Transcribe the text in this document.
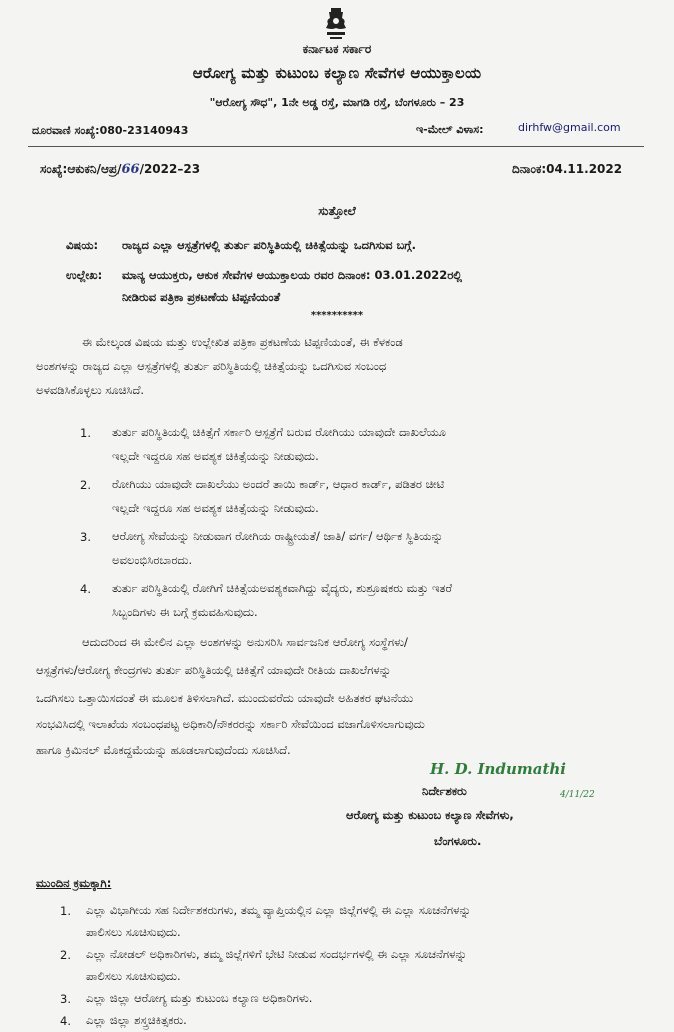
ಕರ್ನಾಟಕ ಸರ್ಕಾರ
ಆರೋಗ್ಯ ಮತ್ತು ಕುಟುಂಬ ಕಲ್ಯಾಣ ಸೇವೆಗಳ ಆಯುಕ್ತಾಲಯ
"ಆರೋಗ್ಯ ಸೌಧ", 1ನೇ ಅಡ್ಡ ರಸ್ತೆ, ಮಾಗಡಿ ರಸ್ತೆ, ಬೆಂಗಳೂರು – 23
ದೂರವಾಣಿ ಸಂಖ್ಯೆ:080-23140943	ಇ-ಮೇಲ್ ವಿಳಾಸ:	dirhfw@gmail.com
ಸಂಖ್ಯೆ:ಆಕುಕನಿ/ಆಪ್ರ/66/2022–23	ದಿನಾಂಕ:04.11.2022
ಸುತ್ತೋಲೆ
ವಿಷಯ: ರಾಜ್ಯದ ಎಲ್ಲಾ ಆಸ್ಪತ್ರೆಗಳಲ್ಲಿ ತುರ್ತು ಪರಿಸ್ಥಿತಿಯಲ್ಲಿ ಚಿಕಿತ್ಸೆಯನ್ನು ಒದಗಿಸುವ ಬಗ್ಗೆ.
ಉಲ್ಲೇಖ: ಮಾನ್ಯ ಆಯುಕ್ತರು, ಆಕುಕ ಸೇವೆಗಳ ಆಯುಕ್ತಾಲಯ ರವರ ದಿನಾಂಕ: 03.01.2022ರಲ್ಲಿ
ನೀಡಿರುವ ಪತ್ರಿಕಾ ಪ್ರಕಟಣೆಯ ಟಿಪ್ಪಣಿಯಂತೆ
**********
ಈ ಮೇಲ್ಕಂಡ ವಿಷಯ ಮತ್ತು ಉಲ್ಲೇಖಿತ ಪತ್ರಿಕಾ ಪ್ರಕಟಣೆಯ ಟಿಪ್ಪಣಿಯಂತೆ, ಈ ಕೆಳಕಂಡ
ಅಂಶಗಳನ್ನು ರಾಜ್ಯದ ಎಲ್ಲಾ ಆಸ್ಪತ್ರೆಗಳಲ್ಲಿ ತುರ್ತು ಪರಿಸ್ಥಿತಿಯಲ್ಲಿ ಚಿಕಿತ್ಸೆಯನ್ನು ಒದಗಿಸುವ ಸಂಬಂಧ
ಅಳವಡಿಸಿಕೊಳ್ಳಲು ಸೂಚಿಸಿದೆ.
1. ತುರ್ತು ಪರಿಸ್ಥಿತಿಯಲ್ಲಿ ಚಿಕಿತ್ಸೆಗೆ ಸರ್ಕಾರಿ ಆಸ್ಪತ್ರೆಗೆ ಬರುವ ರೋಗಿಯು ಯಾವುದೇ ದಾಖಲೆಯೂ
ಇಲ್ಲದೇ ಇದ್ದರೂ ಸಹ ಅವಶ್ಯಕ ಚಿಕಿತ್ಸೆಯನ್ನು ನೀಡುವುದು.
2. ರೋಗಿಯು ಯಾವುದೇ ದಾಖಲೆಯು ಅಂದರೆ ತಾಯಿ ಕಾರ್ಡ್, ಆಧಾರ ಕಾರ್ಡ್, ಪಡಿತರ ಚೀಟಿ
ಇಲ್ಲದೇ ಇದ್ದರೂ ಸಹ ಅವಶ್ಯಕ ಚಿಕಿತ್ಸೆಯನ್ನು ನೀಡುವುದು.
3. ಆರೋಗ್ಯ ಸೇವೆಯನ್ನು ನೀಡುವಾಗ ರೋಗಿಯ ರಾಷ್ಟ್ರೀಯತೆ/ ಜಾತಿ/ ವರ್ಗ/ ಆರ್ಥಿಕ ಸ್ಥಿತಿಯನ್ನು
ಅವಲಂಭಿಸಿರಬಾರದು.
4. ತುರ್ತು ಪರಿಸ್ಥಿತಿಯಲ್ಲಿ ರೋಗಿಗೆ ಚಿಕಿತ್ಸೆಯಅವಶ್ಯಕವಾಗಿದ್ದು ವೈದ್ಯರು, ಶುಶ್ರೂಷಕರು ಮತ್ತು ಇತರೆ
ಸಿಬ್ಬಂದಿಗಳು ಈ ಬಗ್ಗೆ ಕ್ರಮವಹಿಸುವುದು.
ಆದುದರಿಂದ ಈ ಮೇಲಿನ ಎಲ್ಲಾ ಅಂಶಗಳನ್ನು ಅನುಸರಿಸಿ ಸಾರ್ವಜನಿಕ ಆರೋಗ್ಯ ಸಂಸ್ಥೆಗಳು/
ಆಸ್ಪತ್ರೆಗಳು/ಆರೋಗ್ಯ ಕೇಂದ್ರಗಳು ತುರ್ತು ಪರಿಸ್ಥಿತಿಯಲ್ಲಿ ಚಿಕಿತ್ಸೆಗೆ ಯಾವುದೇ ರೀತಿಯ ದಾಖಲೆಗಳನ್ನು
ಒದಗಿಸಲು ಒತ್ತಾಯಿಸದಂತೆ ಈ ಮೂಲಕ ತಿಳಿಸಲಾಗಿದೆ. ಮುಂದುವರೆದು ಯಾವುದೇ ಅಹಿತಕರ ಘಟನೆಯು
ಸಂಭವಿಸಿದಲ್ಲಿ ಇಲಾಖೆಯ ಸಂಬಂಧಪಟ್ಟ ಅಧಿಕಾರಿ/ನೌಕರರನ್ನು ಸರ್ಕಾರಿ ಸೇವೆಯಿಂದ ವಜಾಗೊಳಿಸಲಾಗುವುದು
ಹಾಗೂ ಕ್ರಿಮಿನಲ್ ಮೊಕದ್ದಮೆಯನ್ನು ಹೂಡಲಾಗುವುದೆಂದು ಸೂಚಿಸಿದೆ.
H. D. Indumathi
4/11/22
ನಿರ್ದೇಶಕರು
ಆರೋಗ್ಯ ಮತ್ತು ಕುಟುಂಬ ಕಲ್ಯಾಣ ಸೇವೆಗಳು,
ಬೆಂಗಳೂರು.
ಮುಂದಿನ ಕ್ರಮಕ್ಕಾಗಿ:
1. ಎಲ್ಲಾ ವಿಭಾಗೀಯ ಸಹ ನಿರ್ದೇಶಕರುಗಳು, ತಮ್ಮ ವ್ಯಾಪ್ತಿಯಲ್ಲಿನ ಎಲ್ಲಾ ಜಿಲ್ಲೆಗಳಲ್ಲಿ ಈ ಎಲ್ಲಾ ಸೂಚನೆಗಳನ್ನು
ಪಾಲಿಸಲು ಸೂಚಿಸುವುದು.
2. ಎಲ್ಲಾ ನೋಡಲ್ ಅಧಿಕಾರಿಗಳು, ತಮ್ಮ ಜಿಲ್ಲೆಗಳಿಗೆ ಭೇಟಿ ನೀಡುವ ಸಂದರ್ಭಗಳಲ್ಲಿ ಈ ಎಲ್ಲಾ ಸೂಚನೆಗಳನ್ನು
ಪಾಲಿಸಲು ಸೂಚಿಸುವುದು.
3. ಎಲ್ಲಾ ಜಿಲ್ಲಾ ಆರೋಗ್ಯ ಮತ್ತು ಕುಟುಂಬ ಕಲ್ಯಾಣ ಅಧಿಕಾರಿಗಳು.
4. ಎಲ್ಲಾ ಜಿಲ್ಲಾ ಶಸ್ತ್ರಚಿಕಿತ್ಸಕರು.
